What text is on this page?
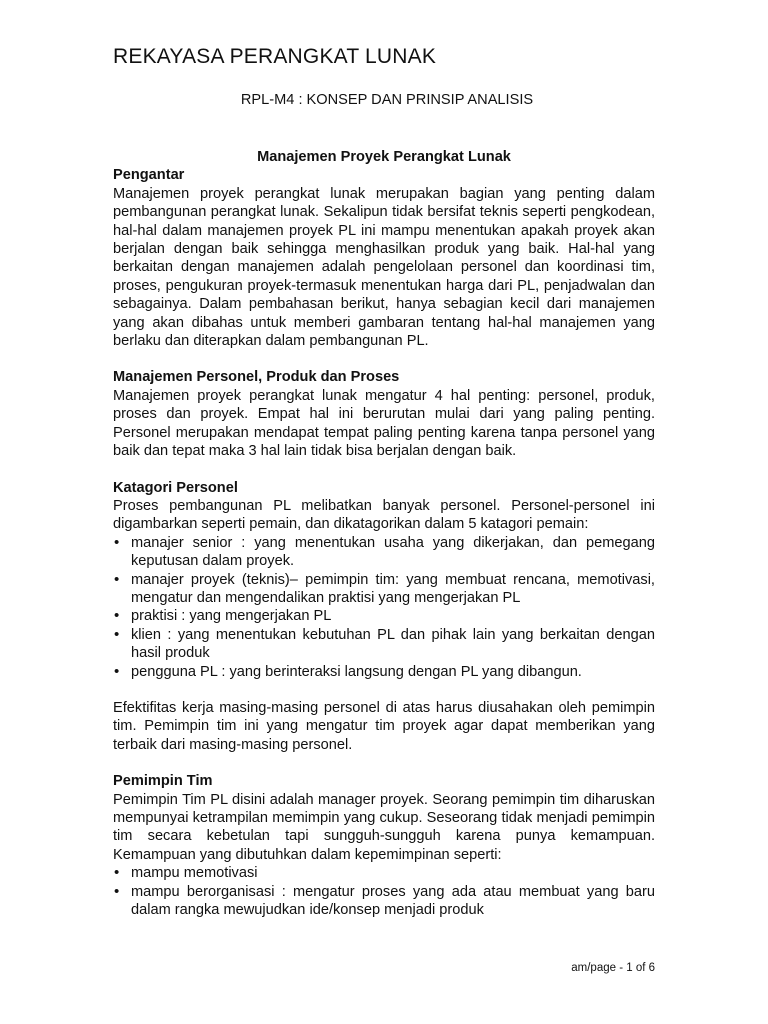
REKAYASA PERANGKAT LUNAK
RPL-M4 : KONSEP DAN PRINSIP ANALISIS
Manajemen Proyek Perangkat Lunak
Pengantar

Manajemen proyek perangkat lunak merupakan bagian yang penting dalam pembangunan perangkat lunak. Sekalipun tidak bersifat teknis seperti pengkodean, hal-hal dalam manajemen proyek PL ini mampu menentukan apakah proyek akan berjalan dengan baik sehingga menghasilkan produk yang baik. Hal-hal yang berkaitan dengan manajemen adalah pengelolaan personel dan koordinasi tim, proses, pengukuran proyek-termasuk menentukan harga dari PL, penjadwalan dan sebagainya. Dalam pembahasan berikut, hanya sebagian kecil dari manajemen yang akan dibahas untuk memberi gambaran tentang hal-hal manajemen yang berlaku dan diterapkan dalam pembangunan PL.

Manajemen Personel, Produk dan Proses

Manajemen proyek perangkat lunak mengatur 4 hal penting: personel, produk, proses dan proyek. Empat hal ini berurutan mulai dari yang paling penting. Personel merupakan mendapat tempat paling penting karena tanpa personel yang baik dan tepat maka 3 hal lain tidak bisa berjalan dengan baik.

Katagori Personel

Proses pembangunan PL melibatkan banyak personel. Personel-personel ini digambarkan seperti pemain, dan dikatagorikan dalam 5 katagori pemain:

• manajer senior : yang menentukan usaha yang dikerjakan, dan pemegang keputusan dalam proyek.
• manajer proyek (teknis)– pemimpin tim: yang membuat rencana, memotivasi, mengatur dan mengendalikan praktisi yang mengerjakan PL
• praktisi : yang mengerjakan PL
• klien : yang menentukan kebutuhan PL dan pihak lain yang berkaitan dengan hasil produk
• pengguna PL : yang berinteraksi langsung dengan PL yang dibangun.

Efektifitas kerja masing-masing personel di atas harus diusahakan oleh pemimpin tim. Pemimpin tim ini yang mengatur tim proyek agar dapat memberikan yang terbaik dari masing-masing personel.

Pemimpin Tim

Pemimpin Tim PL disini adalah manager proyek. Seorang pemimpin tim diharuskan mempunyai ketrampilan memimpin yang cukup. Seseorang tidak menjadi pemimpin tim secara kebetulan tapi sungguh-sungguh karena punya kemampuan. Kemampuan yang dibutuhkan dalam kepemimpinan seperti:

• mampu memotivasi
• mampu berorganisasi : mengatur proses yang ada atau membuat yang baru dalam rangka mewujudkan ide/konsep menjadi produk
am/page - 1 of 6
